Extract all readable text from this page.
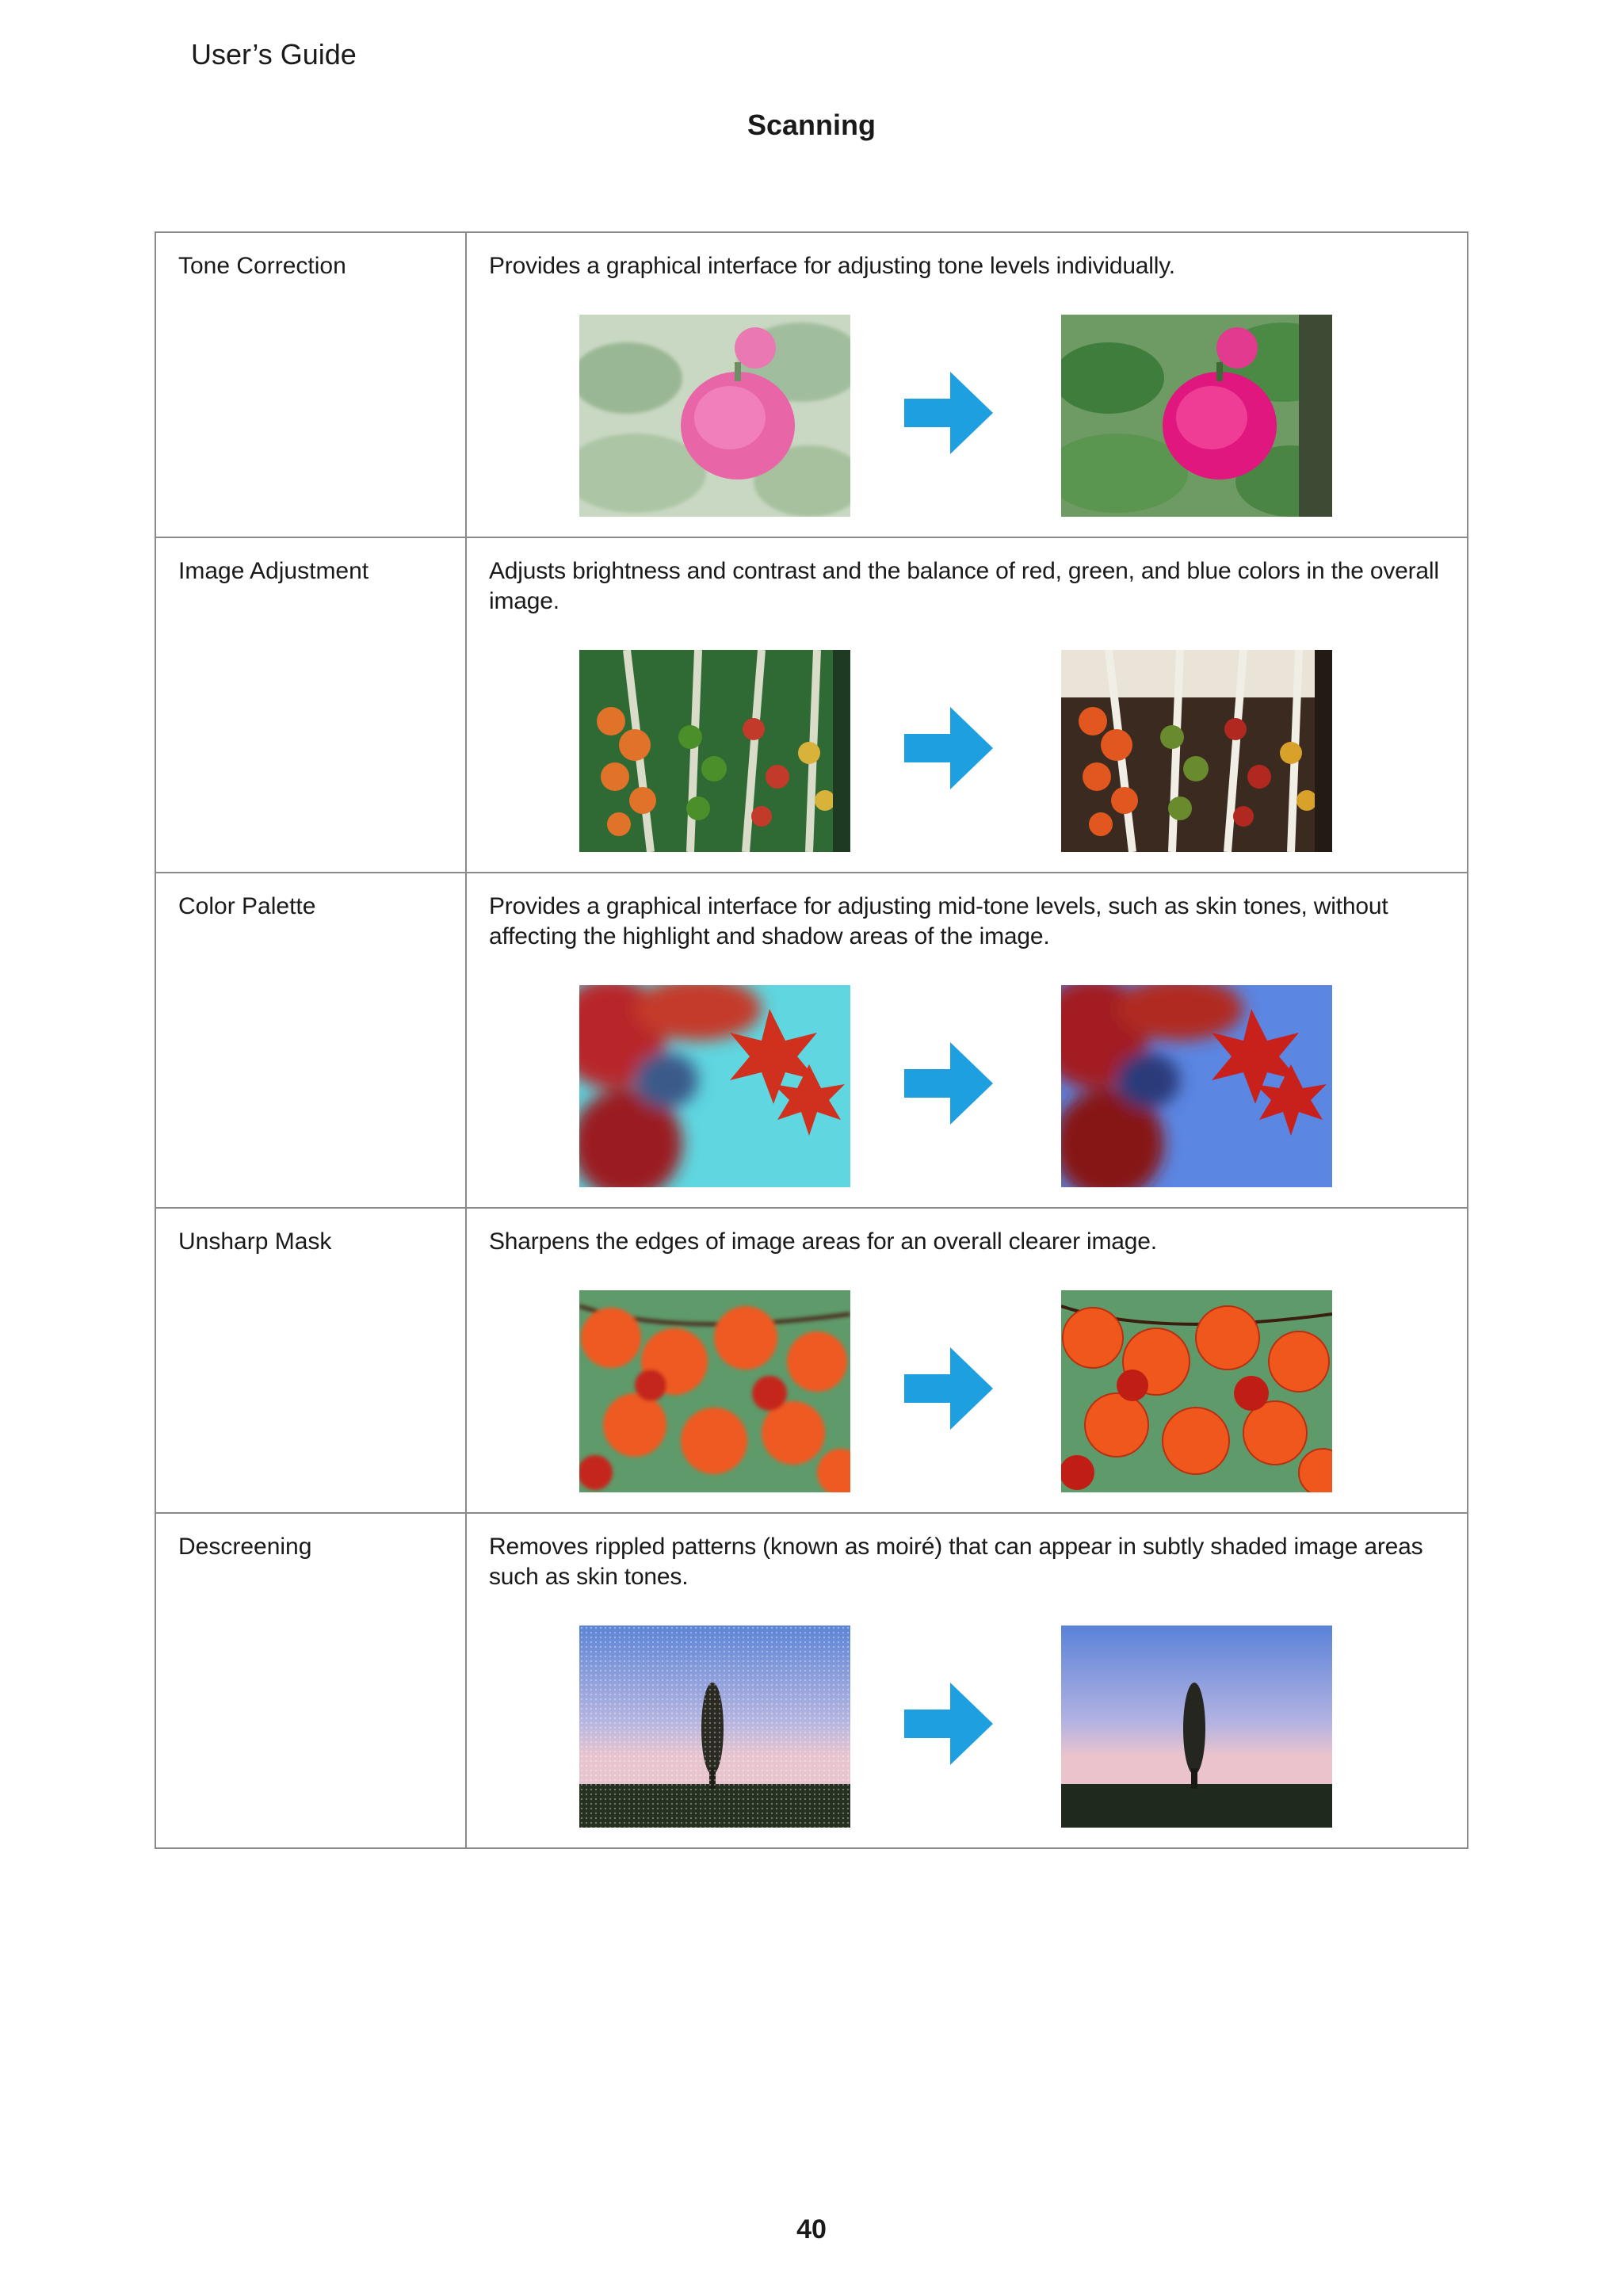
User’s Guide
Scanning
Tone Correction	Provides a graphical interface for adjusting tone levels individually.

Image Adjustment	Adjusts brightness and contrast and the balance of red, green, and blue colors in the overall image.

Color Palette	Provides a graphical interface for adjusting mid-tone levels, such as skin tones, without affecting the highlight and shadow areas of the image.

Unsharp Mask	Sharpens the edges of image areas for an overall clearer image.

Descreening	Removes rippled patterns (known as moiré) that can appear in subtly shaded image areas such as skin tones.
40
